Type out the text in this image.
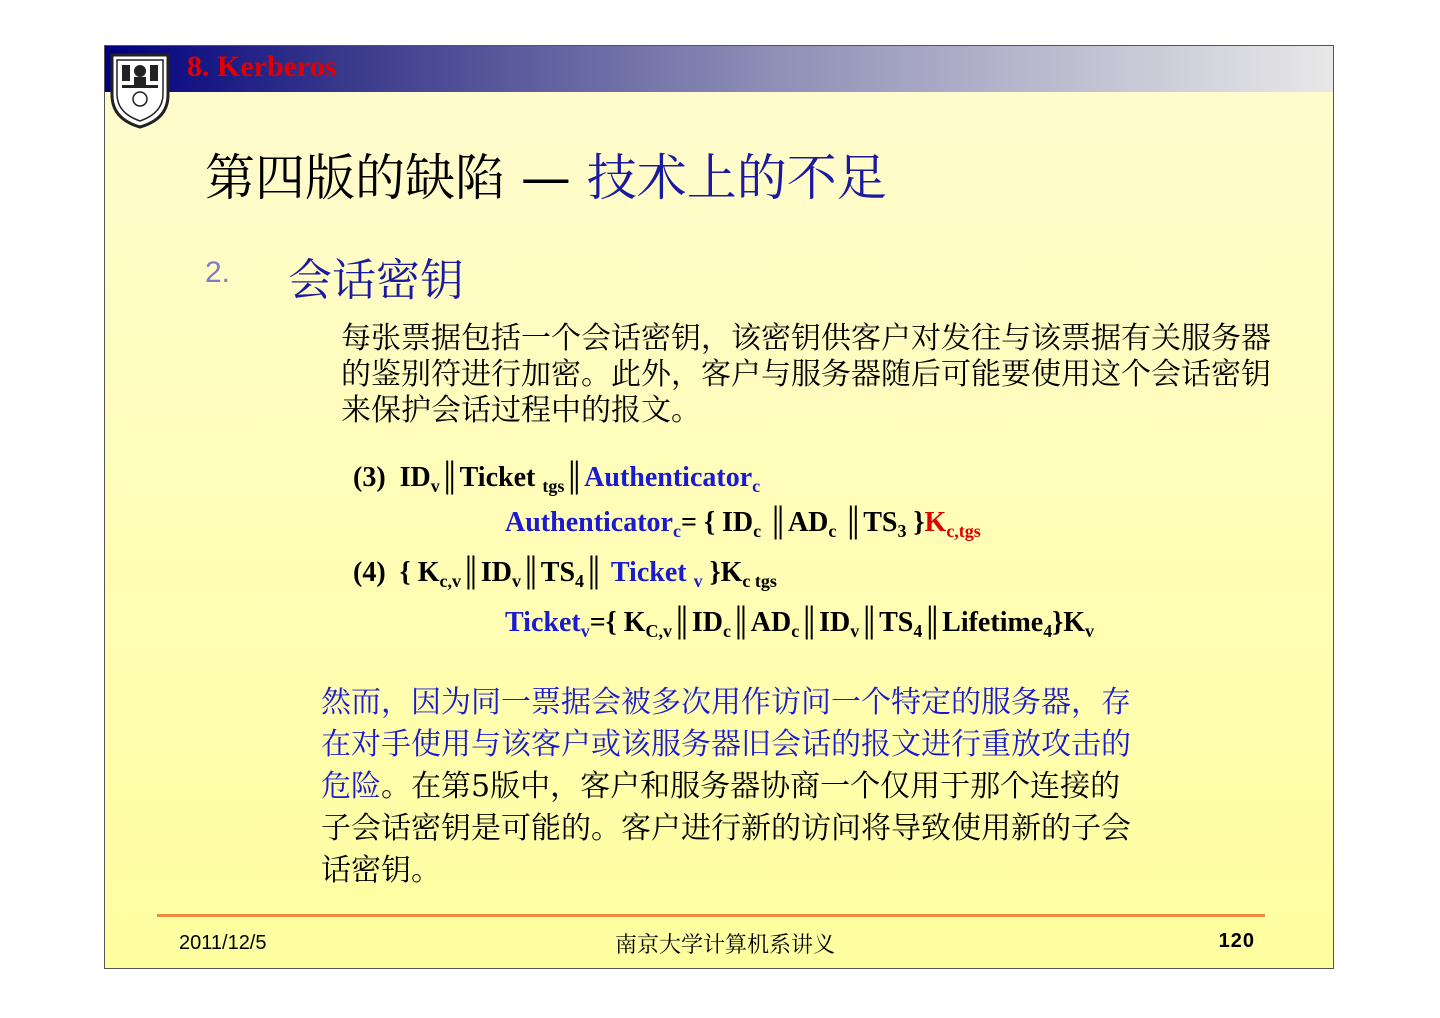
8. Kerberos
第四版的缺陷 — 技术上的不足
2. 会话密钥
每张票据包括一个会话密钥，该密钥供客户对发往与该票据有关服务器的鉴别符进行加密。此外，客户与服务器随后可能要使用这个会话密钥来保护会话过程中的报文。
(3) $ID_v║Ticket$ $_{tgs}$║Authenticator$_c$
Authenticator$_c$= { $ID_c$ $║AD_c$ $║TS_3$ }$K_{c,tgs}$
(4) { $K_{c,v}║ID_v║TS_4║$ Ticket $_v$ }$K_{c tgs}$
Ticket$_v$={ $K_{C,v}║ID_c║AD_c║ID_v║TS_4║Lifetime_4\}K_v$
然而，因为同一票据会被多次用作访问一个特定的服务器，存
在对手使用与该客户或该服务器旧会话的报文进行重放攻击的
危险。在第5版中，客户和服务器协商一个仅用于那个连接的
子会话密钥是可能的。客户进行新的访问将导致使用新的子会
话密钥。
2011/12/5	南京大学计算机系讲义	120
